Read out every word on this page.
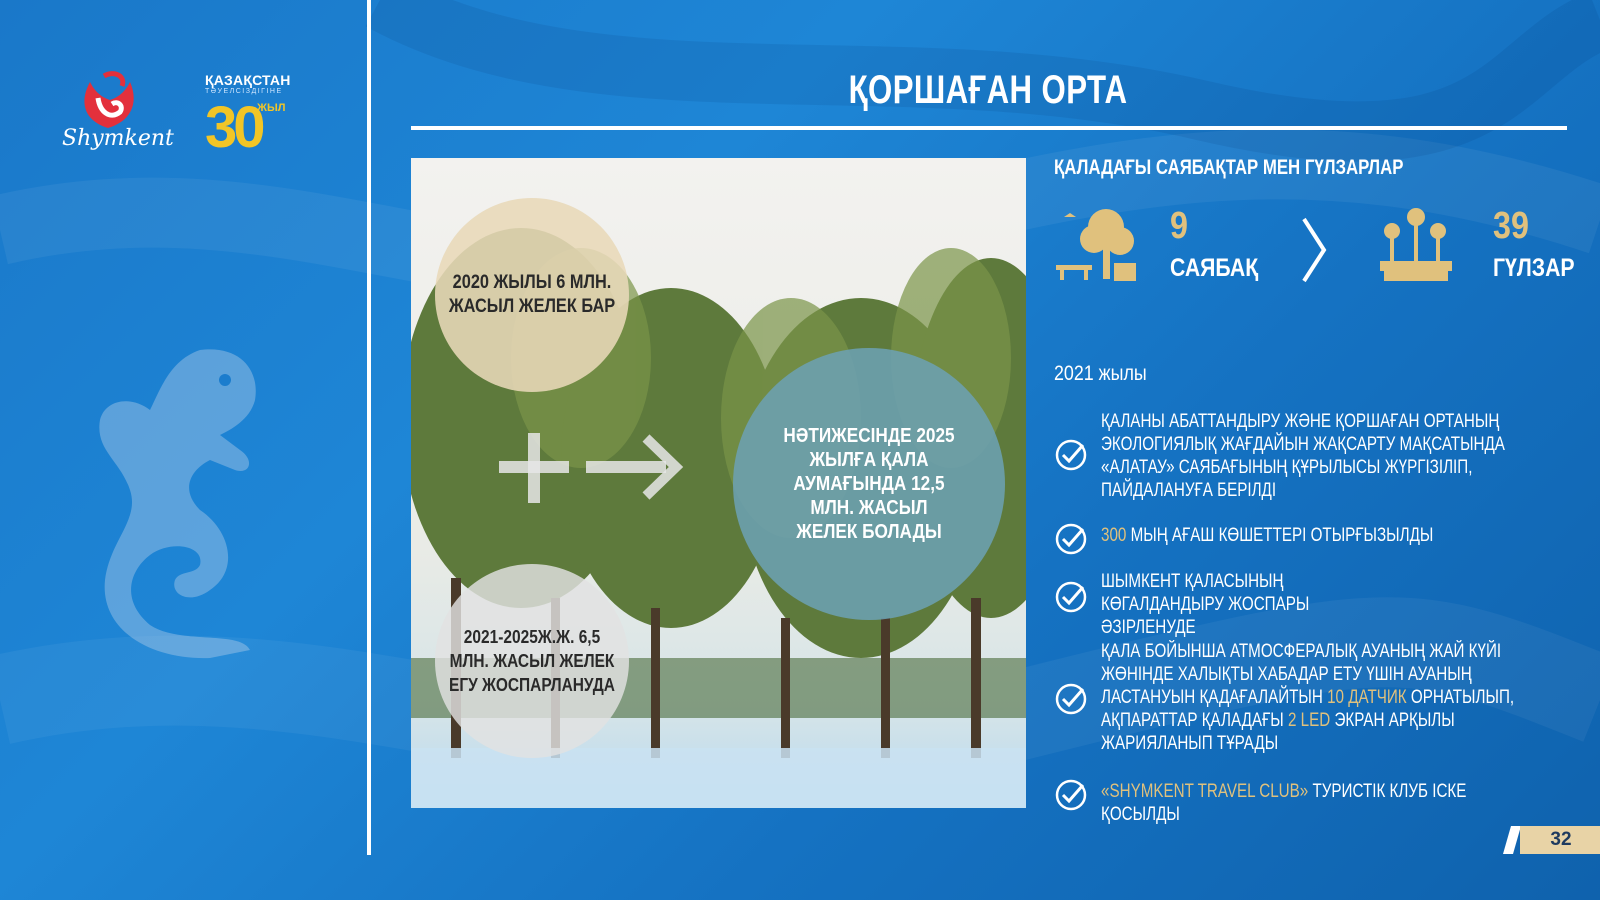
Shymkent
ҚАЗАҚСТАН
ТӘУЕЛСІЗДІГІНЕ
30
ЖЫЛ	ҚОРШАҒАН ОРТА
2020 ЖЫЛЫ 6 МЛН. ЖАСЫЛ ЖЕЛЕК БАР
НӘТИЖЕСІНДЕ 2025 ЖЫЛҒА ҚАЛА АУМАҒЫНДА 12,5 МЛН. ЖАСЫЛ ЖЕЛЕК БОЛАДЫ
2021-2025Ж.Ж. 6,5 МЛН. ЖАСЫЛ ЖЕЛЕК ЕГУ ЖОСПАРЛАНУДА
ҚАЛАДАҒЫ САЯБАҚТАР МЕН ГҮЛЗАРЛАР
9
САЯБАҚ
39
ГҮЛЗАР
2021 жылы
ҚАЛАНЫ АБАТТАНДЫРУ ЖӘНЕ ҚОРШАҒАН ОРТАНЫҢ ЭКОЛОГИЯЛЫҚ ЖАҒДАЙЫН ЖАҚСАРТУ МАҚСАТЫНДА «АЛАТАУ» САЯБАҒЫНЫҢ ҚҰРЫЛЫСЫ ЖҮРГІЗІЛІП, ПАЙДАЛАНУҒА БЕРІЛДІ
300 МЫҢ АҒАШ КӨШЕТТЕРІ ОТЫРҒЫЗЫЛДЫ
ШЫМКЕНТ ҚАЛАСЫНЫҢ КӨГАЛДАНДЫРУ ЖОСПАРЫ ӘЗІРЛЕНУДЕ
ҚАЛА БОЙЫНША АТМОСФЕРАЛЫҚ АУАНЫҢ ЖАЙ КҮЙІ ЖӨНІНДЕ ХАЛЫҚТЫ ХАБАДАР ЕТУ ҮШІН АУАНЫҢ ЛАСТАНУЫН ҚАДАҒАЛАЙТЫН 10 ДАТЧИК ОРНАТЫЛЫП, АҚПАРАТТАР ҚАЛАДАҒЫ 2 LED ЭКРАН АРҚЫЛЫ ЖАРИЯЛАНЫП ТҰРАДЫ
«SHYMKENT TRAVEL CLUB» ТУРИСТІК КЛУБ ІСКЕ ҚОСЫЛДЫ
32
